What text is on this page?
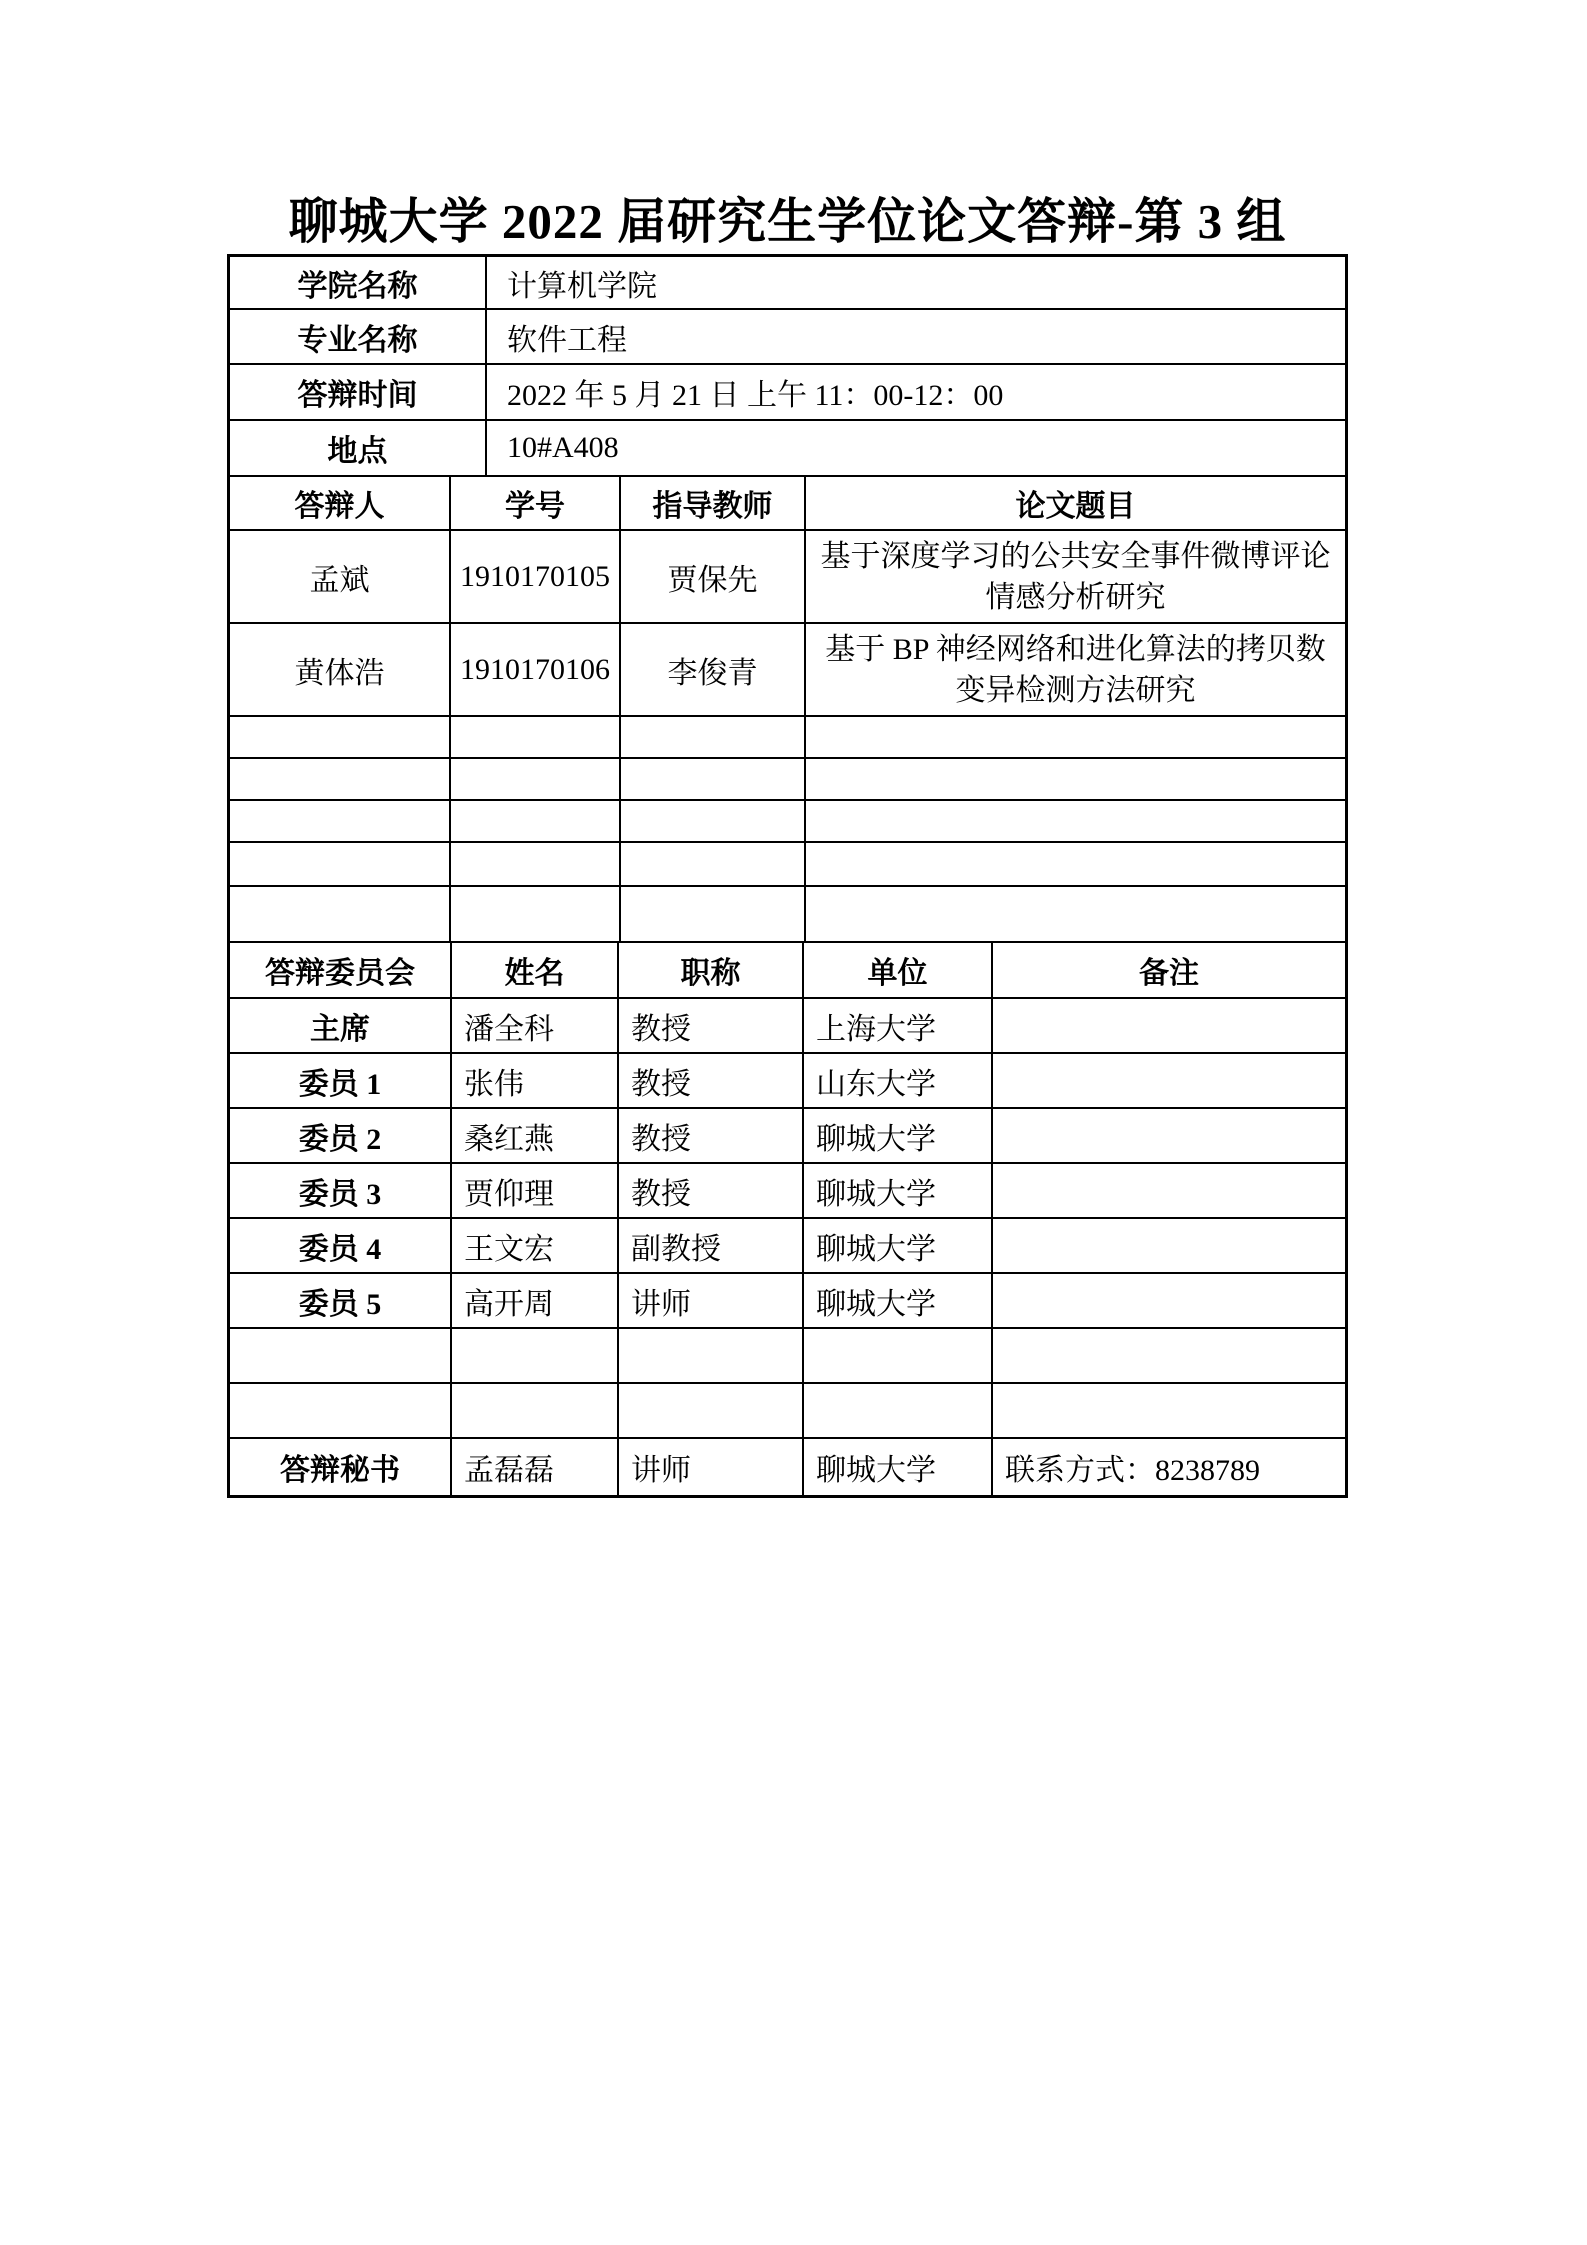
聊城大学 2022 届研究生学位论文答辩-第 3 组
学院名称	计算机学院
专业名称	软件工程
答辩时间	2022 年 5 月 21 日 上午 11：00-12：00
地点	10#A408
答辩人	学号	指导教师	论文题目
孟斌	1910170105	贾保先	基于深度学习的公共安全事件微博评论情感分析研究
黄体浩	1910170106	李俊青	基于 BP 神经网络和进化算法的拷贝数变异检测方法研究

答辩委员会	姓名	职称	单位	备注
主席	潘全科	教授	上海大学	
委员 1	张伟	教授	山东大学	
委员 2	桑红燕	教授	聊城大学	
委员 3	贾仰理	教授	聊城大学	
委员 4	王文宏	副教授	聊城大学	
委员 5	高开周	讲师	聊城大学	

答辩秘书	孟磊磊	讲师	聊城大学	联系方式：8238789
